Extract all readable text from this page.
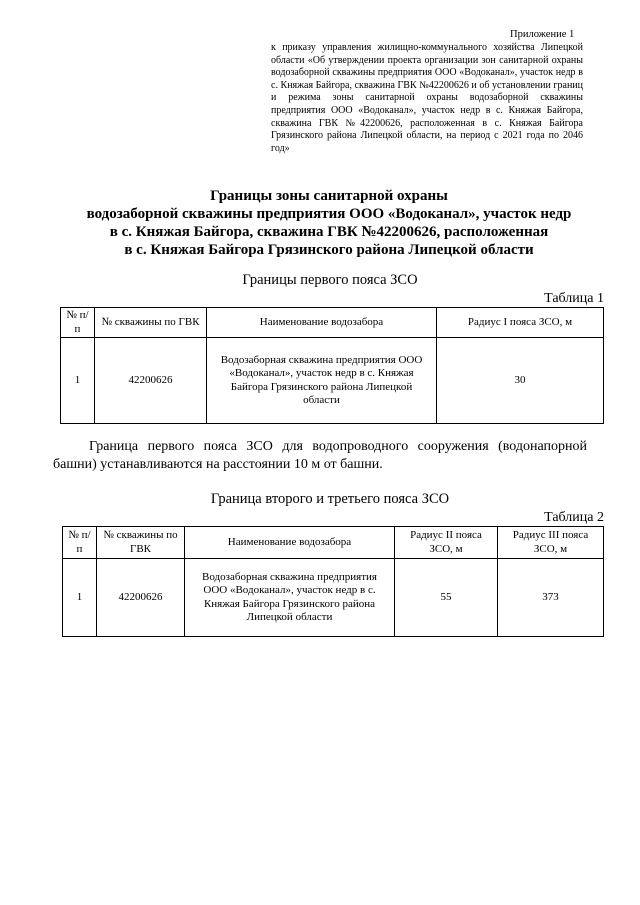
Приложение 1
к приказу управления жилищно-коммунального хозяйства Липецкой области «Об утверждении проекта организации зон санитарной охраны водозаборной скважины предприятия ООО «Водоканал», участок недр в с. Княжая Байгора, скважина ГВК №42200626 и об установлении границ и режима зоны санитарной охраны водозаборной скважины предприятия ООО «Водоканал», участок недр в с. Княжая Байгора, скважина ГВК №42200626, расположенная в с. Княжая Байгора Грязинского района Липецкой области, на период с 2021 года по 2046 год»
Границы зоны санитарной охраны
водозаборной скважины предприятия ООО «Водоканал», участок недр
в с. Княжая Байгора, скважина ГВК №42200626, расположенная
в с. Княжая Байгора Грязинского района Липецкой области
Границы первого пояса ЗСО
Таблица 1
№ п/п	№ скважины по ГВК	Наименование водозабора	Радиус I пояса ЗСО, м
1	42200626	Водозаборная скважина предприятия ООО «Водоканал», участок недр в с. Княжая Байгора Грязинского района Липецкой области	30
Граница первого пояса ЗСО для водопроводного сооружения (водонапорной башни) устанавливаются на расстоянии 10 м от башни.
Граница второго и третьего пояса ЗСО
Таблица 2
№ п/п	№ скважины по ГВК	Наименование водозабора	Радиус II пояса ЗСО, м	Радиус III пояса ЗСО, м
1	42200626	Водозаборная скважина предприятия ООО «Водоканал», участок недр в с. Княжая Байгора Грязинского района Липецкой области	55	373
